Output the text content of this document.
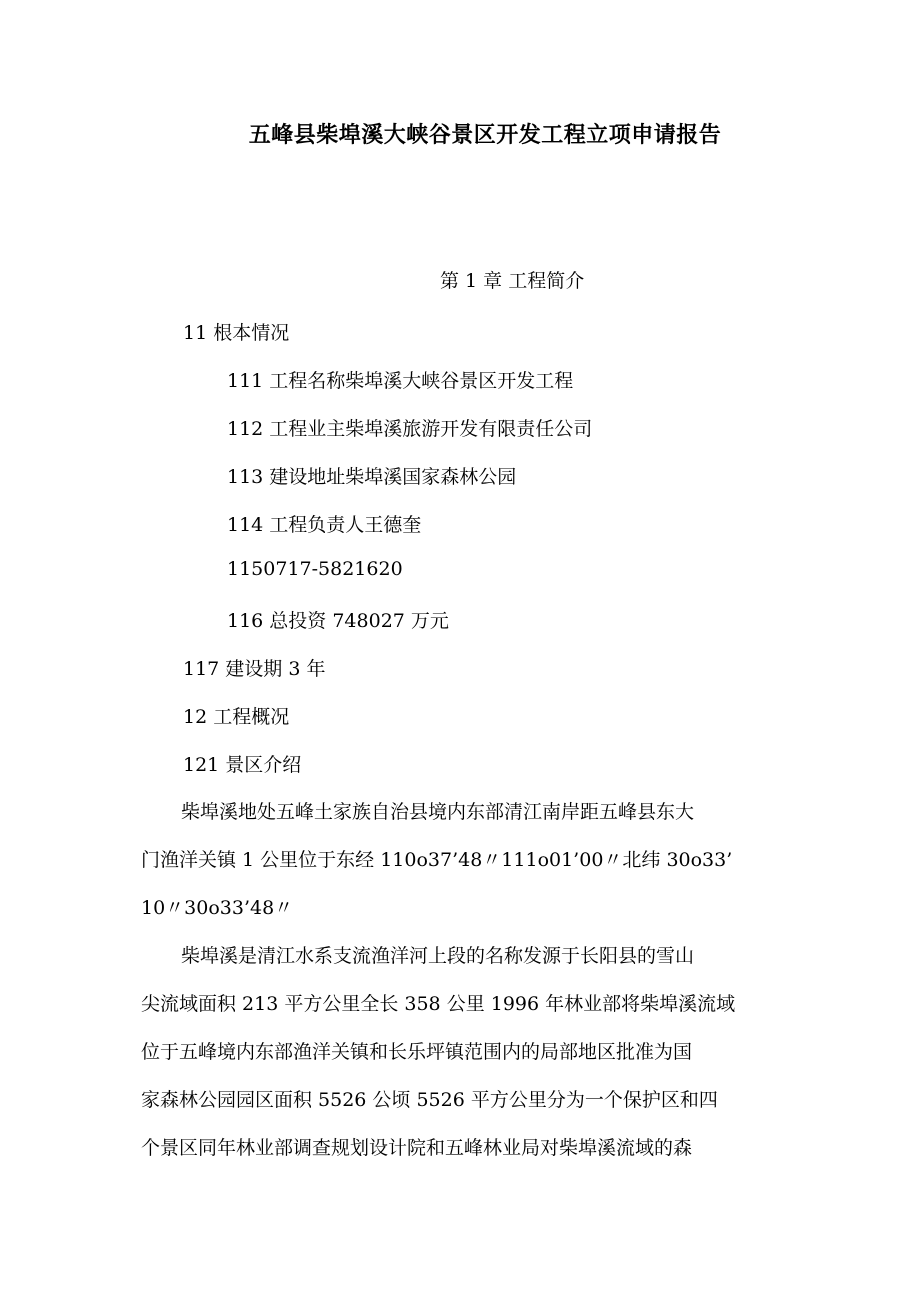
五峰县柴埠溪大峡谷景区开发工程立项申请报告
第 1 章 工程简介
11 根本情况
111 工程名称柴埠溪大峡谷景区开发工程
112 工程业主柴埠溪旅游开发有限责任公司
113 建设地址柴埠溪国家森林公园
114 工程负责人王德奎
1150717-5821620
116 总投资 748027 万元
117 建设期 3 年
12 工程概况
121 景区介绍
柴埠溪地处五峰土家族自治县境内东部清江南岸距五峰县东大
门渔洋关镇 1 公里位于东经 110o37’48〃111o01’00〃北纬 30o33’
10〃30o33’48〃
柴埠溪是清江水系支流渔洋河上段的名称发源于长阳县的雪山
尖流域面积 213 平方公里全长 358 公里 1996 年林业部将柴埠溪流域
位于五峰境内东部渔洋关镇和长乐坪镇范围内的局部地区批准为国
家森林公园园区面积 5526 公顷 5526 平方公里分为一个保护区和四
个景区同年林业部调查规划设计院和五峰林业局对柴埠溪流域的森
